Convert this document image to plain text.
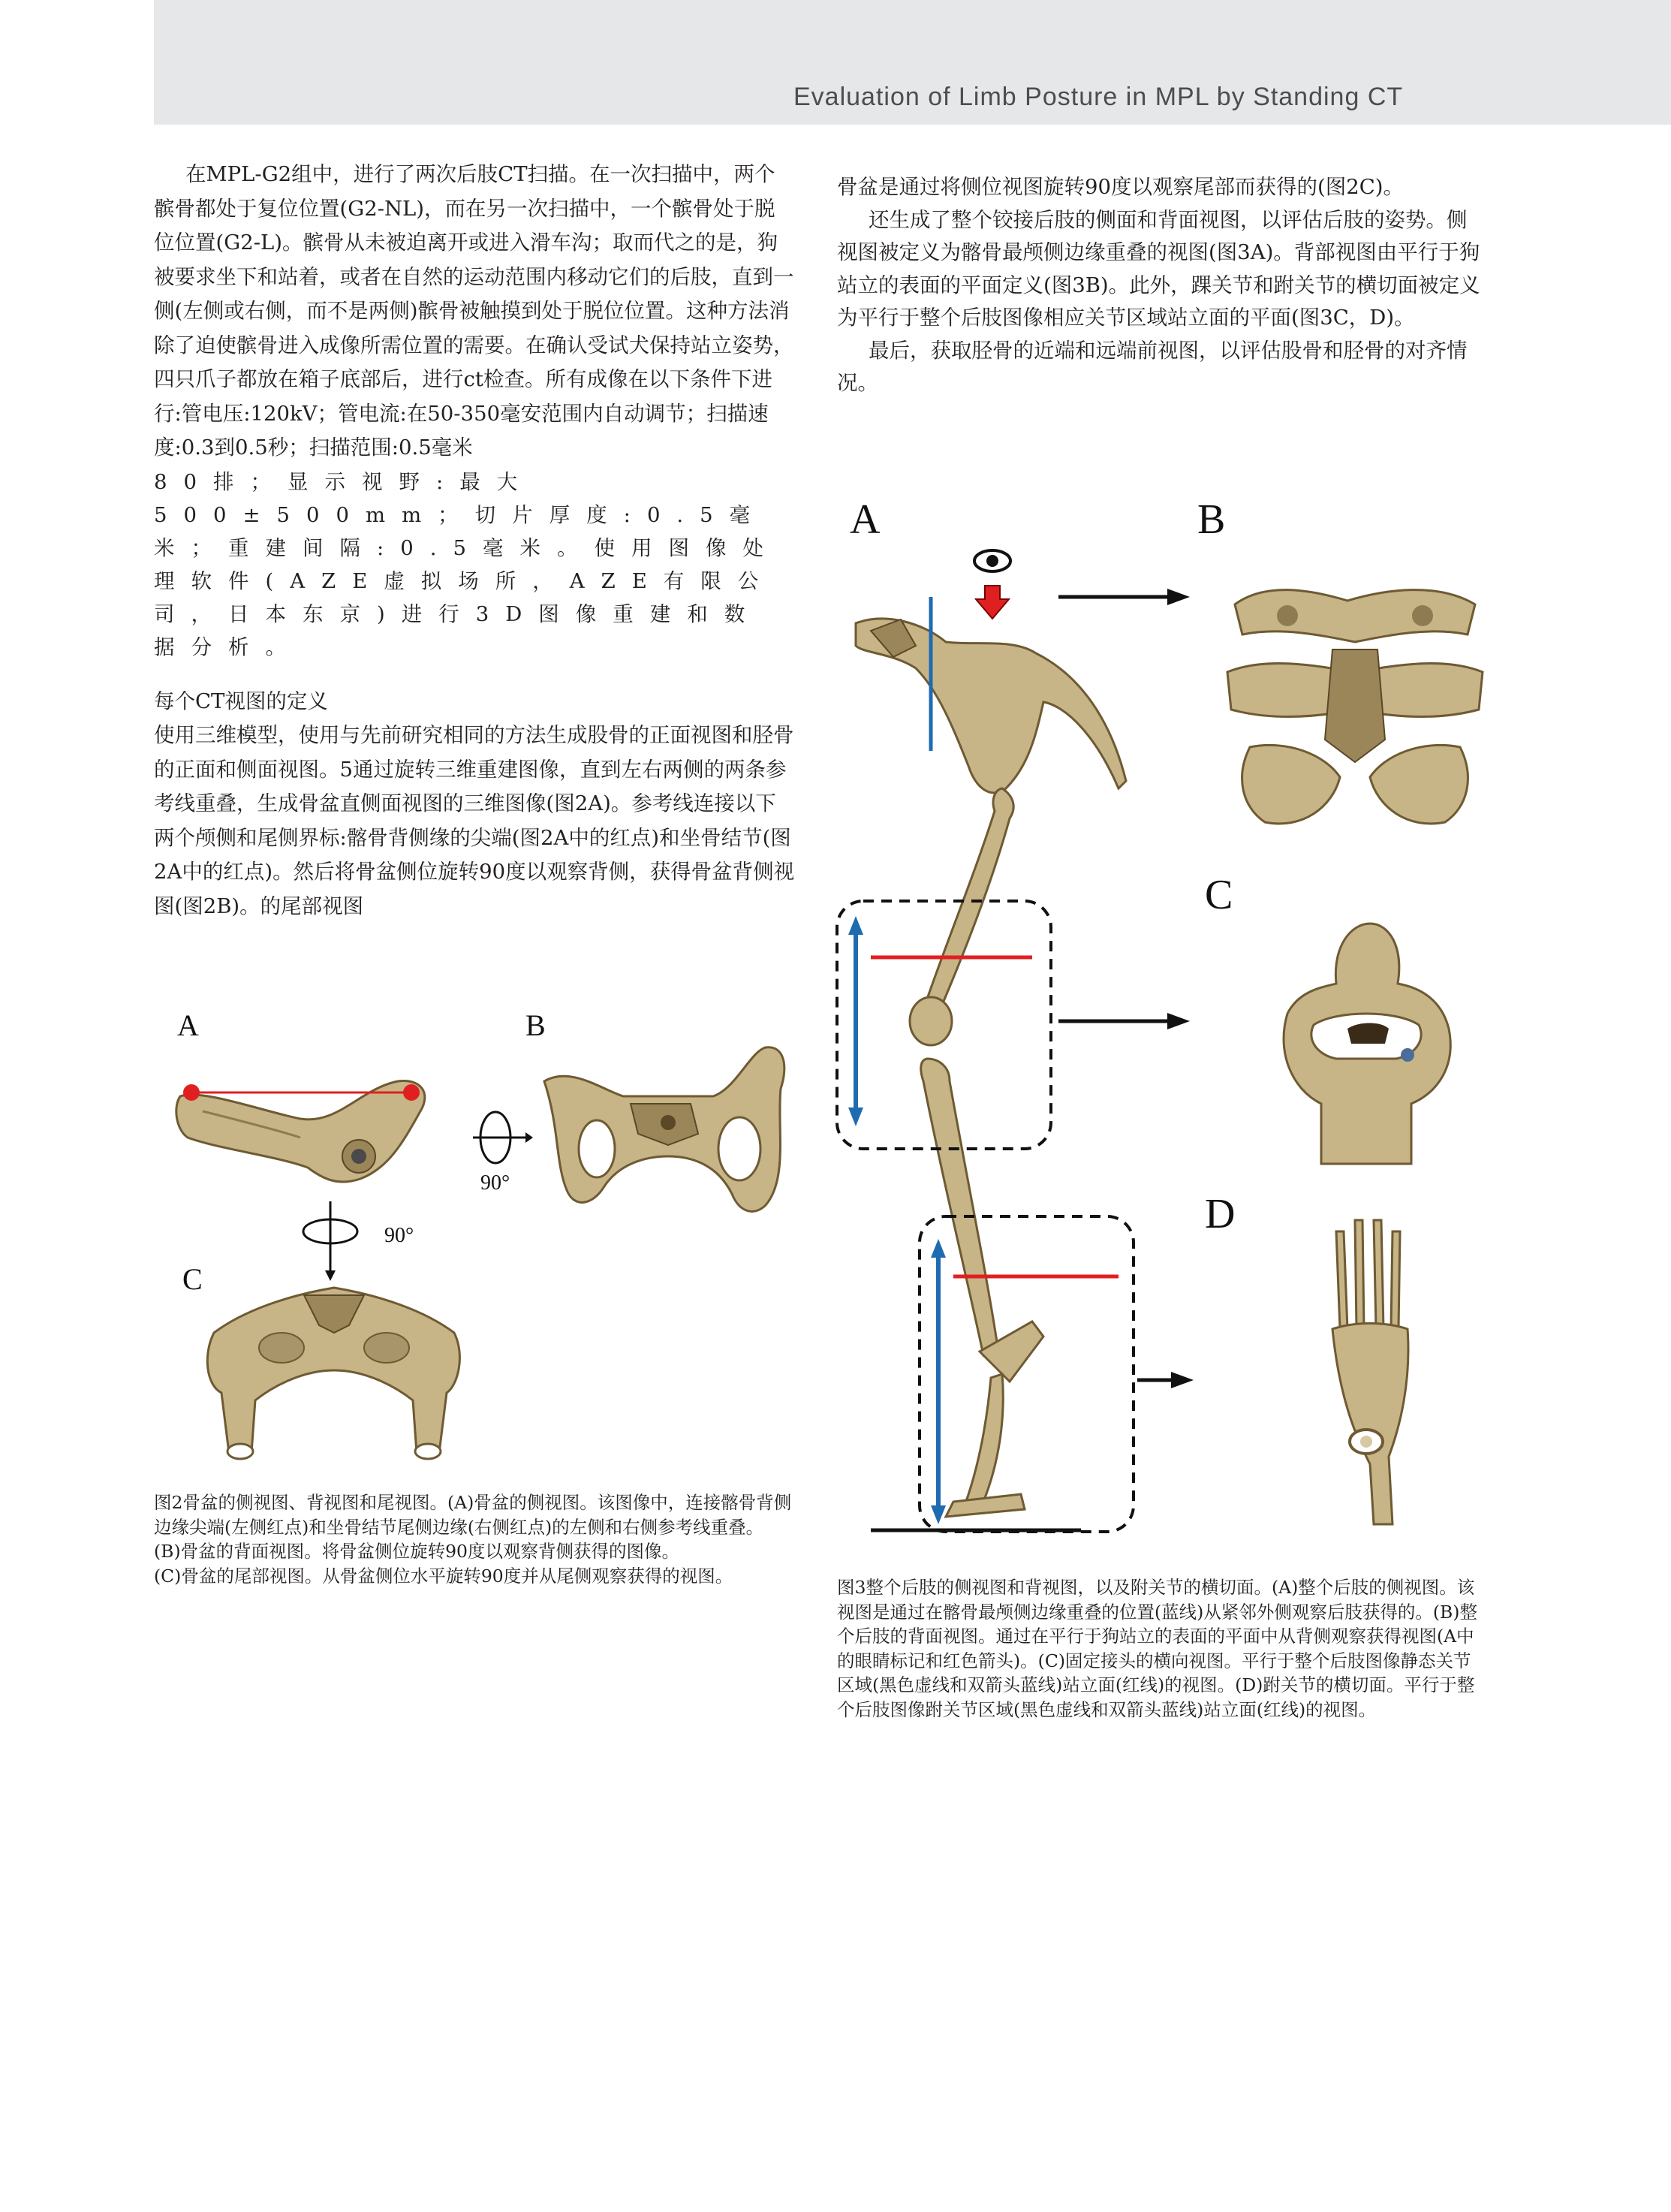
Evaluation of Limb Posture in MPL by Standing CT

在MPL-G2组中，进行了两次后肢CT扫描。在一次扫描中，两个髌骨都处于复位位置(G2-NL)，而在另一次扫描中，一个髌骨处于脱位位置(G2-L)。髌骨从未被迫离开或进入滑车沟；取而代之的是，狗被要求坐下和站着，或者在自然的运动范围内移动它们的后肢，直到一侧(左侧或右侧，而不是两侧)髌骨被触摸到处于脱位位置。这种方法消除了迫使髌骨进入成像所需位置的需要。在确认受试犬保持站立姿势，四只爪子都放在箱子底部后，进行ct检查。所有成像在以下条件下进行:管电压:120kV；管电流:在50-350毫安范围内自动调节；扫描速度:0.3到0.5秒；扫描范围:0.5毫米

80排；显示视野:最大500±500mm；切片厚度:0.5毫米；重建间隔:0.5毫米。使用图像处理软件(AZE虚拟场所，AZE有限公司，日本东京)进行3D图像重建和数据分析。

每个CT视图的定义

使用三维模型，使用与先前研究相同的方法生成股骨的正面视图和胫骨的正面和侧面视图。5通过旋转三维重建图像，直到左右两侧的两条参考线重叠，生成骨盆直侧面视图的三维图像(图2A)。参考线连接以下两个颅侧和尾侧界标:髂骨背侧缘的尖端(图2A中的红点)和坐骨结节(图2A中的红点)。然后将骨盆侧位旋转90度以观察背侧，获得骨盆背侧视图(图2B)。的尾部视图

骨盆是通过将侧位视图旋转90度以观察尾部而获得的(图2C)。

还生成了整个铰接后肢的侧面和背面视图，以评估后肢的姿势。侧视图被定义为髂骨最颅侧边缘重叠的视图(图3A)。背部视图由平行于狗站立的表面的平面定义(图3B)。此外，踝关节和跗关节的横切面被定义为平行于整个后肢图像相应关节区域站立面的平面(图3C，D)。

最后，获取胫骨的近端和远端前视图，以评估股骨和胫骨的对齐情况。

A	B
C
90°
90°

图2骨盆的侧视图、背视图和尾视图。(A)骨盆的侧视图。该图像中，连接髂骨背侧边缘尖端(左侧红点)和坐骨结节尾侧边缘(右侧红点)的左侧和右侧参考线重叠。

(B)骨盆的背面视图。将骨盆侧位旋转90度以观察背侧获得的图像。

(C)骨盆的尾部视图。从骨盆侧位水平旋转90度并从尾侧观察获得的视图。

A	B
C
D

图3整个后肢的侧视图和背视图，以及附关节的横切面。(A)整个后肢的侧视图。该视图是通过在髂骨最颅侧边缘重叠的位置(蓝线)从紧邻外侧观察后肢获得的。(B)整个后肢的背面视图。通过在平行于狗站立的表面的平面中从背侧观察获得视图(A中的眼睛标记和红色箭头)。(C)固定接头的横向视图。平行于整个后肢图像静态关节区域(黑色虚线和双箭头蓝线)站立面(红线)的视图。(D)跗关节的横切面。平行于整个后肢图像跗关节区域(黑色虚线和双箭头蓝线)站立面(红线)的视图。
